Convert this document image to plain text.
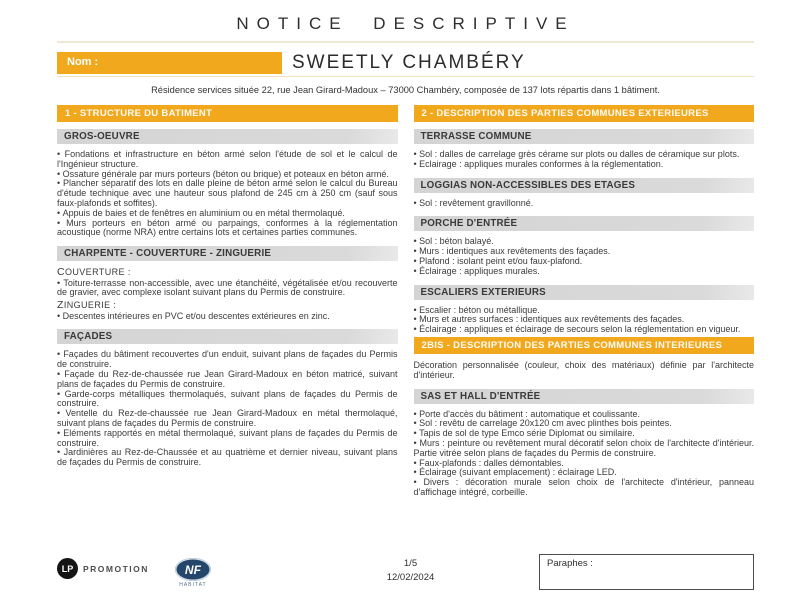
NOTICE DESCRIPTIVE
Nom :	SWEETLY CHAMBÉRY
Résidence services située 22, rue Jean Girard-Madoux – 73000 Chambéry, composée de 137 lots répartis dans 1 bâtiment.
1 - STRUCTURE DU BATIMENT
GROS-OEUVRE
• Fondations et infrastructure en béton armé selon l'étude de sol et le calcul de l'Ingénieur structure.
• Ossature générale par murs porteurs (béton ou brique) et poteaux en béton armé.
• Plancher séparatif des lots en dalle pleine de béton armé selon le calcul du Bureau d'étude technique avec une hauteur sous plafond de 245 cm à 250 cm (sauf sous faux-plafonds et soffites).
• Appuis de baies et de fenêtres en aluminium ou en métal thermolaqué.
• Murs porteurs en béton armé ou parpaings, conformes à la réglementation acoustique (norme NRA) entre certains lots et certaines parties communes.
CHARPENTE - COUVERTURE - ZINGUERIE
COUVERTURE :
• Toiture-terrasse non-accessible, avec une étanchéité, végétalisée et/ou recouverte de gravier, avec complexe isolant suivant plans du Permis de construire.
ZINGUERIE :
• Descentes intérieures en PVC et/ou descentes extérieures en zinc.
FAÇADES
• Façades du bâtiment recouvertes d'un enduit, suivant plans de façades du Permis de construire.
• Façade du Rez-de-chaussée rue Jean Girard-Madoux en béton matricé, suivant plans de façades du Permis de construire.
• Garde-corps métalliques thermolaqués, suivant plans de façades du Permis de construire.
• Ventelle du Rez-de-chaussée rue Jean Girard-Madoux en métal thermolaqué, suivant plans de façades du Permis de construire.
• Eléments rapportés en métal thermolaqué, suivant plans de façades du Permis de construire.
• Jardinières au Rez-de-Chaussée et au quatrième et dernier niveau, suivant plans de façades du Permis de construire.
2 - DESCRIPTION DES PARTIES COMMUNES EXTERIEURES
TERRASSE COMMUNE
• Sol : dalles de carrelage grès cérame sur plots ou dalles de céramique sur plots.
• Eclairage : appliques murales conformes à la réglementation.
LOGGIAS NON-ACCESSIBLES DES ETAGES
• Sol : revêtement gravillonné.
PORCHE D'ENTRÉE
• Sol : béton balayé.
• Murs : identiques aux revêtements des façades.
• Plafond : isolant peint et/ou faux-plafond.
• Éclairage : appliques murales.
ESCALIERS EXTERIEURS
• Escalier : béton ou métallique.
• Murs et autres surfaces : identiques aux revêtements des façades.
• Éclairage : appliques et éclairage de secours selon la réglementation en vigueur.
2BIS - DESCRIPTION DES PARTIES COMMUNES INTERIEURES
Décoration personnalisée (couleur, choix des matériaux) définie par l'architecte d'intérieur.
SAS ET HALL D'ENTRÉE
• Porte d'accès du bâtiment : automatique et coulissante.
• Sol : revêtu de carrelage 20x120 cm avec plinthes bois peintes.
• Tapis de sol de type Emco série Diplomat ou similaire.
• Murs : peinture ou revêtement mural décoratif selon choix de l'architecte d'intérieur. Partie vitrée selon plans de façades du Permis de construire.
• Faux-plafonds : dalles démontables.
• Éclairage (suivant emplacement) : éclairage LED.
• Divers : décoration murale selon choix de l'architecte d'intérieur, panneau d'affichage intégré, corbeille.
LP	PROMOTION	NF
HABITAT
1/5
12/02/2024
Paraphes :
